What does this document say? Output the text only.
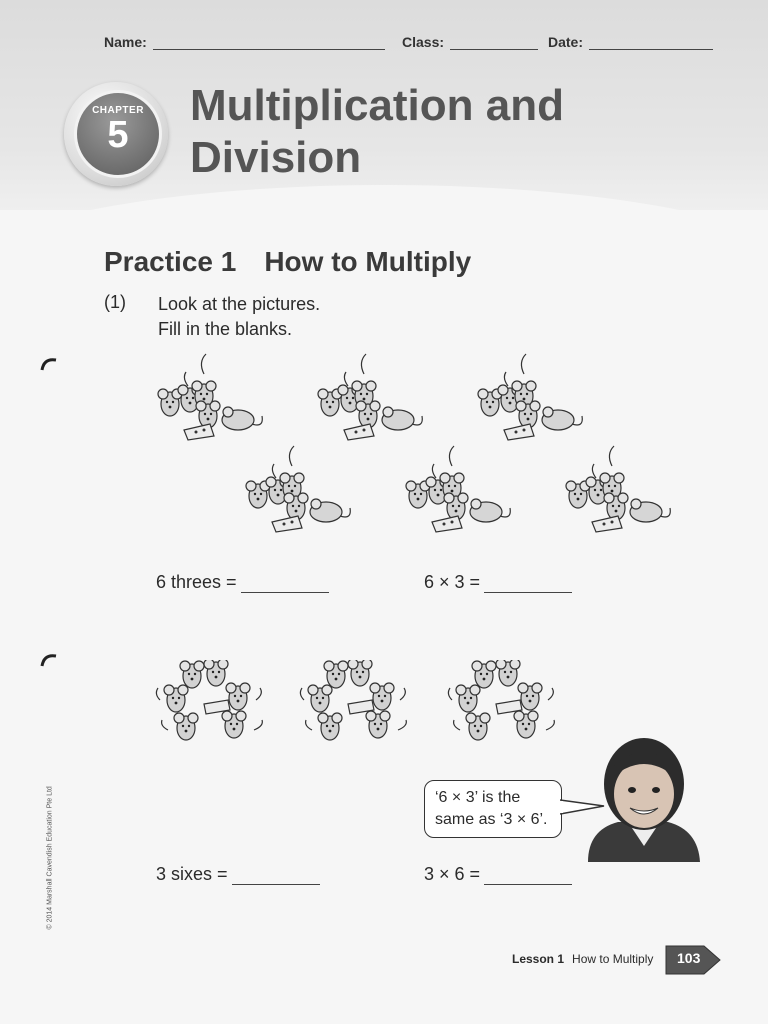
Name:	Class:	Date:
CHAPTER
5
Multiplication and Division
Practice 1 How to Multiply
(1) Look at the pictures.
Fill in the blanks.
6 threes =	6 × 3 =
‘6 × 3’ is the
same as ‘3 × 6’.
3 sixes =	3 × 6 =
© 2014 Marshall Cavendish Education Pte Ltd
Lesson 1 How to Multiply 103
